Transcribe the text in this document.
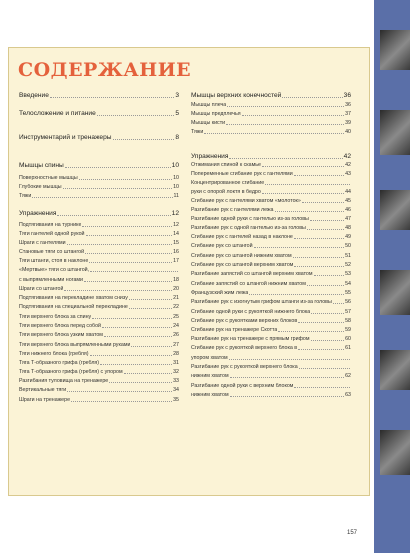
СОДЕРЖАНИЕ
Введение	3
Телосложение и питание	5
Инструментарий и тренажеры	8
Мышцы спины	10
Поверхностные мышцы	10
Глубокие мышцы	10
Тяжи	11
Упражнения	12
Подтягивания на турнике	12
Тяги гантелей одной рукой	14
Шраги с гантелями	15
Становые тяги со штангой	16
Тяги штанги, стоя в наклоне	17
«Мертвые» тяги со штангой,
с выпрямленными ногами	18
Шраги со штангой	20
Подтягивания на перекладине хватом снизу	21
Подтягивания на специальной перекладине	22
Тяги верхнего блока за спину	25
Тяги верхнего блока перед собой	24
Тяги верхнего блока узким хватом	26
Тяги верхнего блока выпрямленными руками	27
Тяги нижнего блока (гребля)	28
Тяга Т-образного грифа (гребля)	31
Тяга Т-образного грифа (гребля) с упором	32
Разгибания туловища на тренажере	33
Вертикальные тяги	34
Шраги на тренажере	35
Мышцы верхних конечностей	36
Мышцы плеча	36
Мышцы предплечья	37
Мышцы кисти	39
Тяжи	40
Упражнения	42
Отжимания спиной к скамье	42
Попеременные сгибание рук с гантелями	43
Концентрированное сгибание
руки с опорой локтя в бедро	44
Сгибание рук с гантелями хватом «молоток»	45
Разгибание рук с гантелями лежа	46
Разгибание одной руки с гантелью из-за головы	47
Разгибание рук с одной гантелью из-за головы	48
Сгибание рук с гантелей назад в наклоне	49
Сгибание рук со штангой	50
Сгибание рук со штангой нижним хватом	51
Сгибание рук со штангой верхним хватом	52
Разгибание запястий со штангой верхним хватом	53
Сгибание запястий со штангой нижним хватом	54
Французский жим лежа	55
Разгибание рук с изогнутым грифом штанги из-за головы	56
Сгибание одной руки с рукояткой нижнего блока	57
Сгибание рук с рукоятками верхних блоков	58
Сгибание рук на тренажере Скотта	59
Разгибание рук на тренажере с прямым грифом	60
Сгибание рук с рукояткой верхнего блока в	61
упором хватом
Разгибание рук с рукояткой верхнего блока
нижним хватом	62
Разгибание одной руки с верхним блоком
нижним хватом	63
157
